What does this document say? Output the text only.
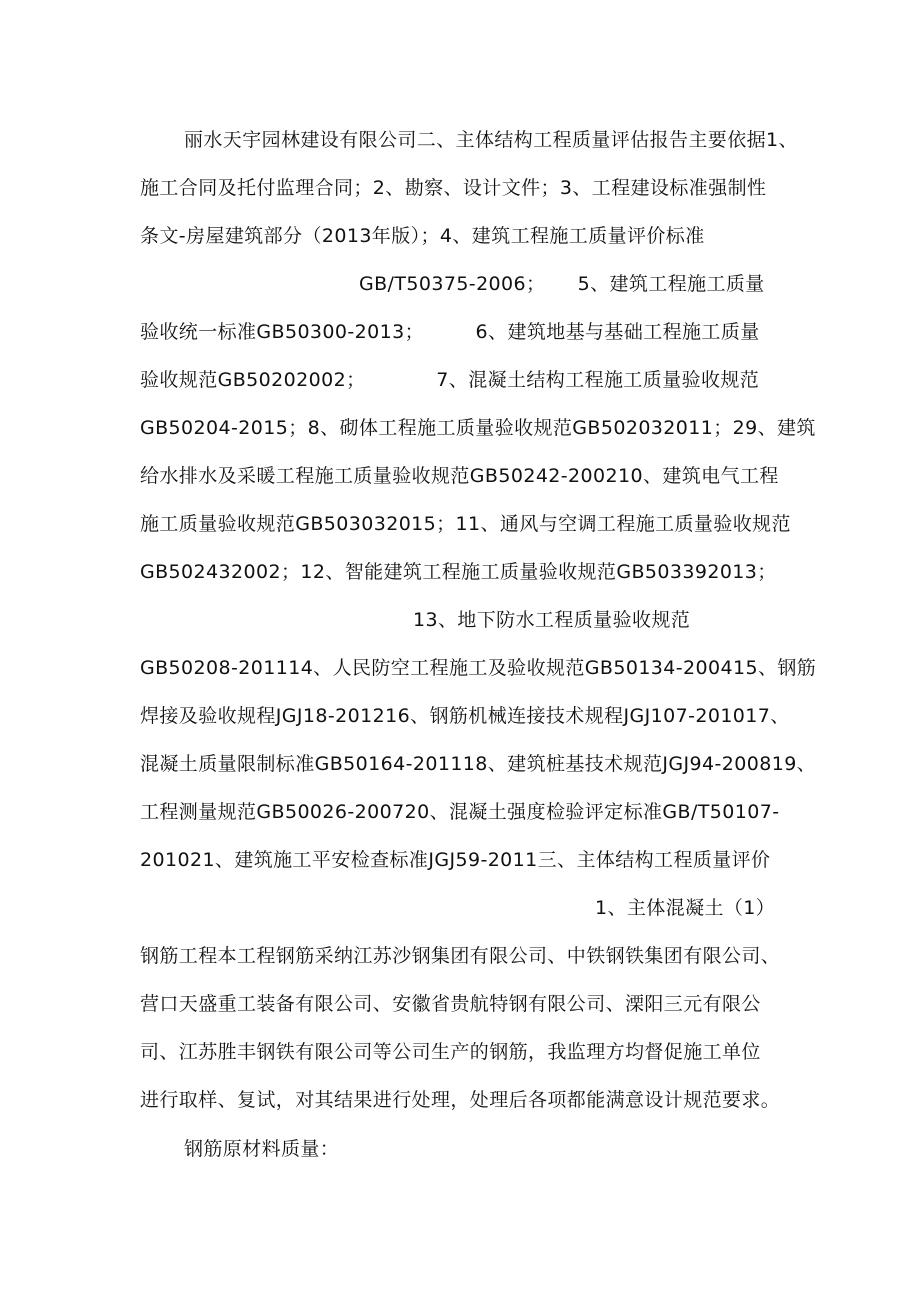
丽水天宇园林建设有限公司二、主体结构工程质量评估报告主要依据1、
施工合同及托付监理合同；2、勘察、设计文件；3、工程建设标准强制性
条文-房屋建筑部分（2013年版）；4、建筑工程施工质量评价标准
GB/T50375-2006；     5、建筑工程施工质量
验收统一标准GB50300-2013；        6、建筑地基与基础工程施工质量
验收规范GB50202002；           7、混凝土结构工程施工质量验收规范
GB50204-2015；8、砌体工程施工质量验收规范GB502032011；29、建筑
给水排水及采暖工程施工质量验收规范GB50242-200210、建筑电气工程
施工质量验收规范GB503032015；11、通风与空调工程施工质量验收规范
GB502432002；12、智能建筑工程施工质量验收规范GB503392013；
13、地下防水工程质量验收规范
GB50208-201114、人民防空工程施工及验收规范GB50134-200415、钢筋
焊接及验收规程JGJ18-201216、钢筋机械连接技术规程JGJ107-201017、
混凝土质量限制标准GB50164-201118、建筑桩基技术规范JGJ94-200819、
工程测量规范GB50026-200720、混凝土强度检验评定标准GB/T50107-
201021、建筑施工平安检查标准JGJ59-2011三、主体结构工程质量评价
1、主体混凝土（1）
钢筋工程本工程钢筋采纳江苏沙钢集团有限公司、中铁钢铁集团有限公司、
营口天盛重工装备有限公司、安徽省贵航特钢有限公司、溧阳三元有限公
司、江苏胜丰钢铁有限公司等公司生产的钢筋，我监理方均督促施工单位
进行取样、复试，对其结果进行处理，处理后各项都能满意设计规范要求。
钢筋原材料质量：
